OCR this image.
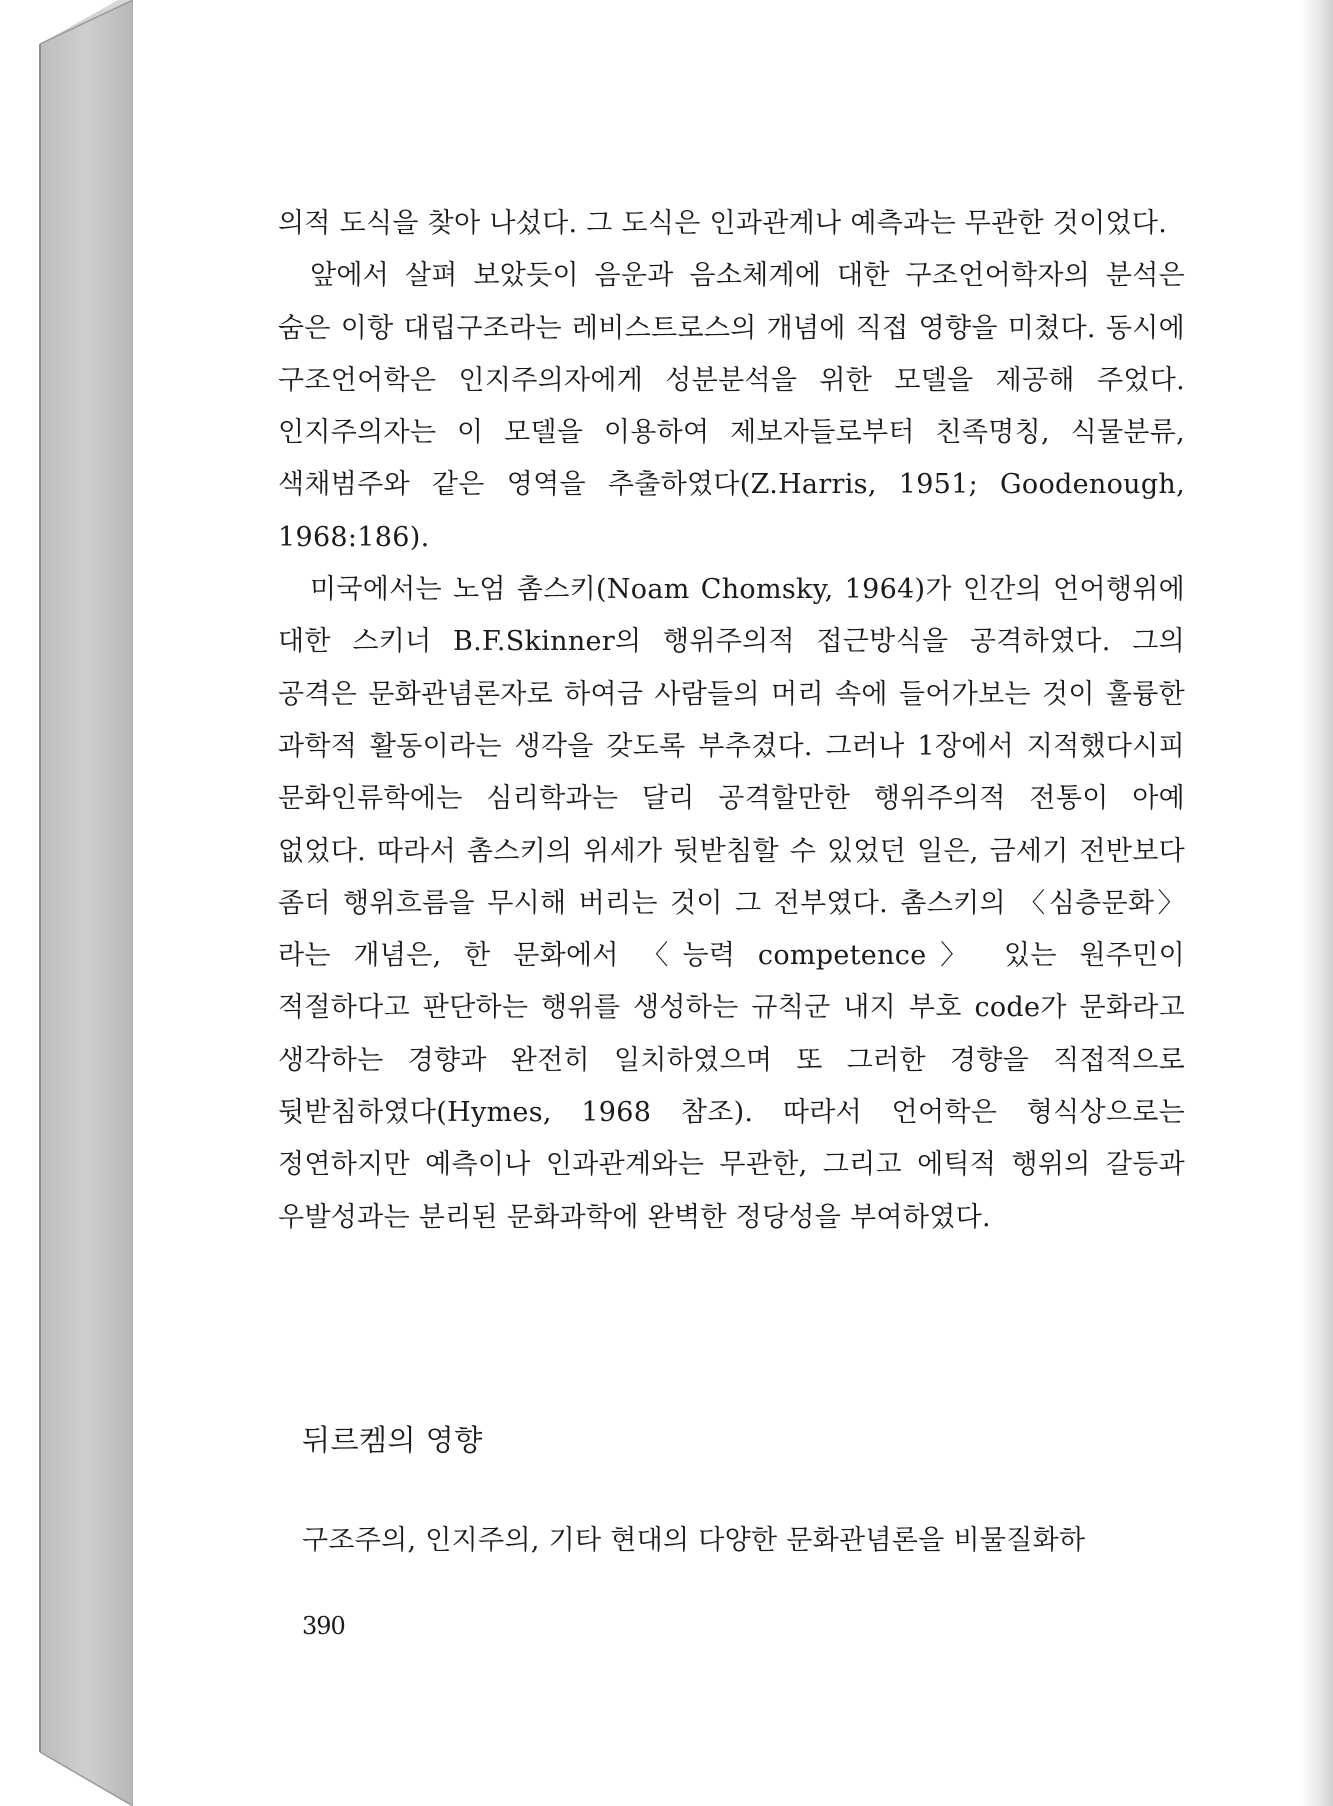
의적 도식을 찾아 나섰다. 그 도식은 인과관계나 예측과는 무관한 것이었다.

앞에서 살펴 보았듯이 음운과 음소체계에 대한 구조언어학자의 분석은 숨은 이항 대립구조라는 레비스트로스의 개념에 직접 영향을 미쳤다. 동시에 구조언어학은 인지주의자에게 성분분석을 위한 모델을 제공해 주었다. 인지주의자는 이 모델을 이용하여 제보자들로부터 친족명칭, 식물분류, 색채범주와 같은 영역을 추출하였다(Z.Harris, 1951; Goodenough, 1968:186).

미국에서는 노엄 촘스키(Noam Chomsky, 1964)가 인간의 언어행위에 대한 스키너 B.F.Skinner의 행위주의적 접근방식을 공격하였다. 그의 공격은 문화관념론자로 하여금 사람들의 머리 속에 들어가보는 것이 훌륭한 과학적 활동이라는 생각을 갖도록 부추겼다. 그러나 1장에서 지적했다시피 문화인류학에는 심리학과는 달리 공격할만한 행위주의적 전통이 아예 없었다. 따라서 촘스키의 위세가 뒷받침할 수 있었던 일은, 금세기 전반보다 좀더 행위흐름을 무시해 버리는 것이 그 전부였다. 촘스키의 〈심층문화〉라는 개념은, 한 문화에서 〈능력 competence〉 있는 원주민이 적절하다고 판단하는 행위를 생성하는 규칙군 내지 부호 code가 문화라고 생각하는 경향과 완전히 일치하였으며 또 그러한 경향을 직접적으로 뒷받침하였다(Hymes, 1968 참조). 따라서 언어학은 형식상으로는 정연하지만 예측이나 인과관계와는 무관한, 그리고 에틱적 행위의 갈등과 우발성과는 분리된 문화과학에 완벽한 정당성을 부여하였다.

뒤르켐의 영향

구조주의, 인지주의, 기타 현대의 다양한 문화관념론을 비물질화하

390
